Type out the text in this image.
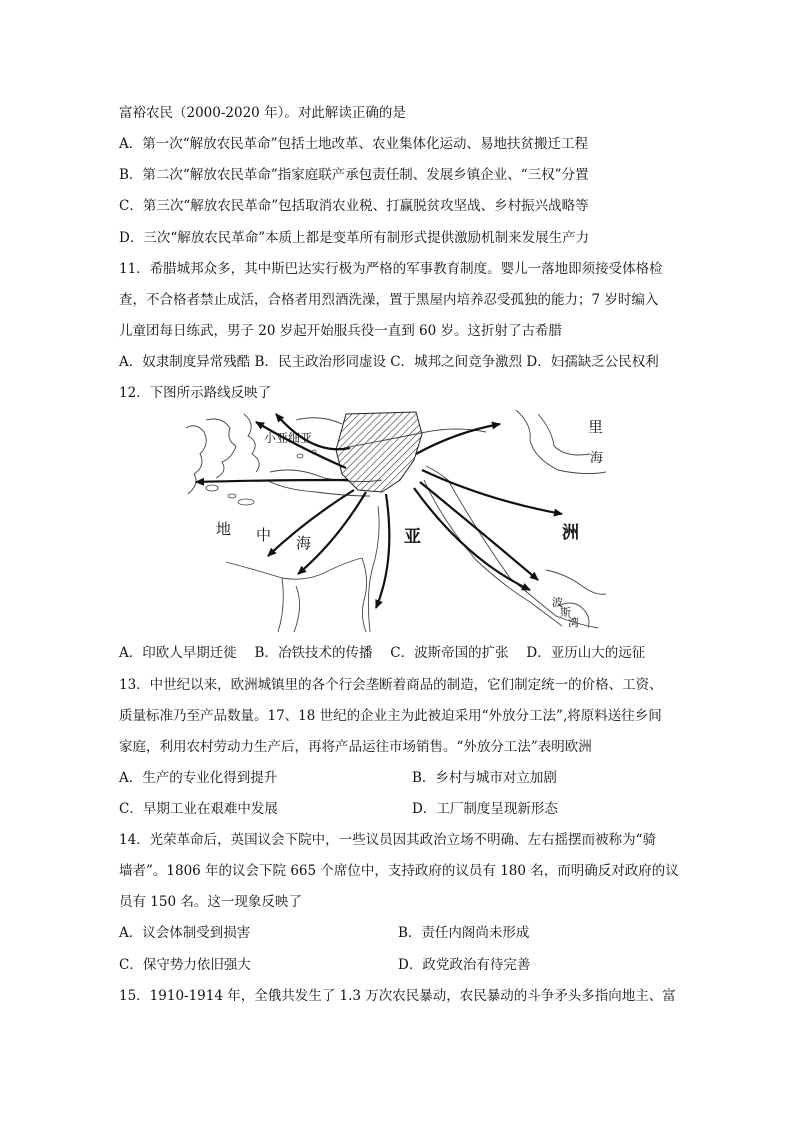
富裕农民（2000-2020 年）。对此解读正确的是
A．第一次“解放农民革命”包括土地改革、农业集体化运动、易地扶贫搬迁工程
B．第二次“解放农民革命”指家庭联产承包责任制、发展乡镇企业、“三权”分置
C．第三次“解放农民革命”包括取消农业税、打赢脱贫攻坚战、乡村振兴战略等
D．三次“解放农民革命”本质上都是变革所有制形式提供激励机制来发展生产力
11．希腊城邦众多，其中斯巴达实行极为严格的军事教育制度。婴儿一落地即须接受体格检
查，不合格者禁止成活，合格者用烈酒洗澡，置于黑屋内培养忍受孤独的能力；7 岁时编入
儿童团每日练武，男子 20 岁起开始服兵役一直到 60 岁。这折射了古希腊
A．奴隶制度异常残酷 B．民主政治形同虚设 C．城邦之间竞争激烈 D．妇孺缺乏公民权利
12．下图所示路线反映了
小亚细亚
里
海
地 中 海	亚	洲
波
斯
湾
A．印欧人早期迁徙　 B．冶铁技术的传播　 C．波斯帝国的扩张　 D．亚历山大的远征
13．中世纪以来，欧洲城镇里的各个行会垄断着商品的制造，它们制定统一的价格、工资、
质量标准乃至产品数量。17、18 世纪的企业主为此被迫采用“外放分工法”,将原料送往乡间
家庭，利用农村劳动力生产后，再将产品运往市场销售。“外放分工法”表明欧洲
A．生产的专业化得到提升	B．乡村与城市对立加剧
C．早期工业在艰难中发展	D．工厂制度呈现新形态
14．光荣革命后，英国议会下院中，一些议员因其政治立场不明确、左右摇摆而被称为“骑
墙者”。1806 年的议会下院 665 个席位中，支持政府的议员有 180 名，而明确反对政府的议
员有 150 名。这一现象反映了
A．议会体制受到损害	B．责任内阁尚未形成
C．保守势力依旧强大	D．政党政治有待完善
15．1910-1914 年，全俄共发生了 1.3 万次农民暴动，农民暴动的斗争矛头多指向地主、富
